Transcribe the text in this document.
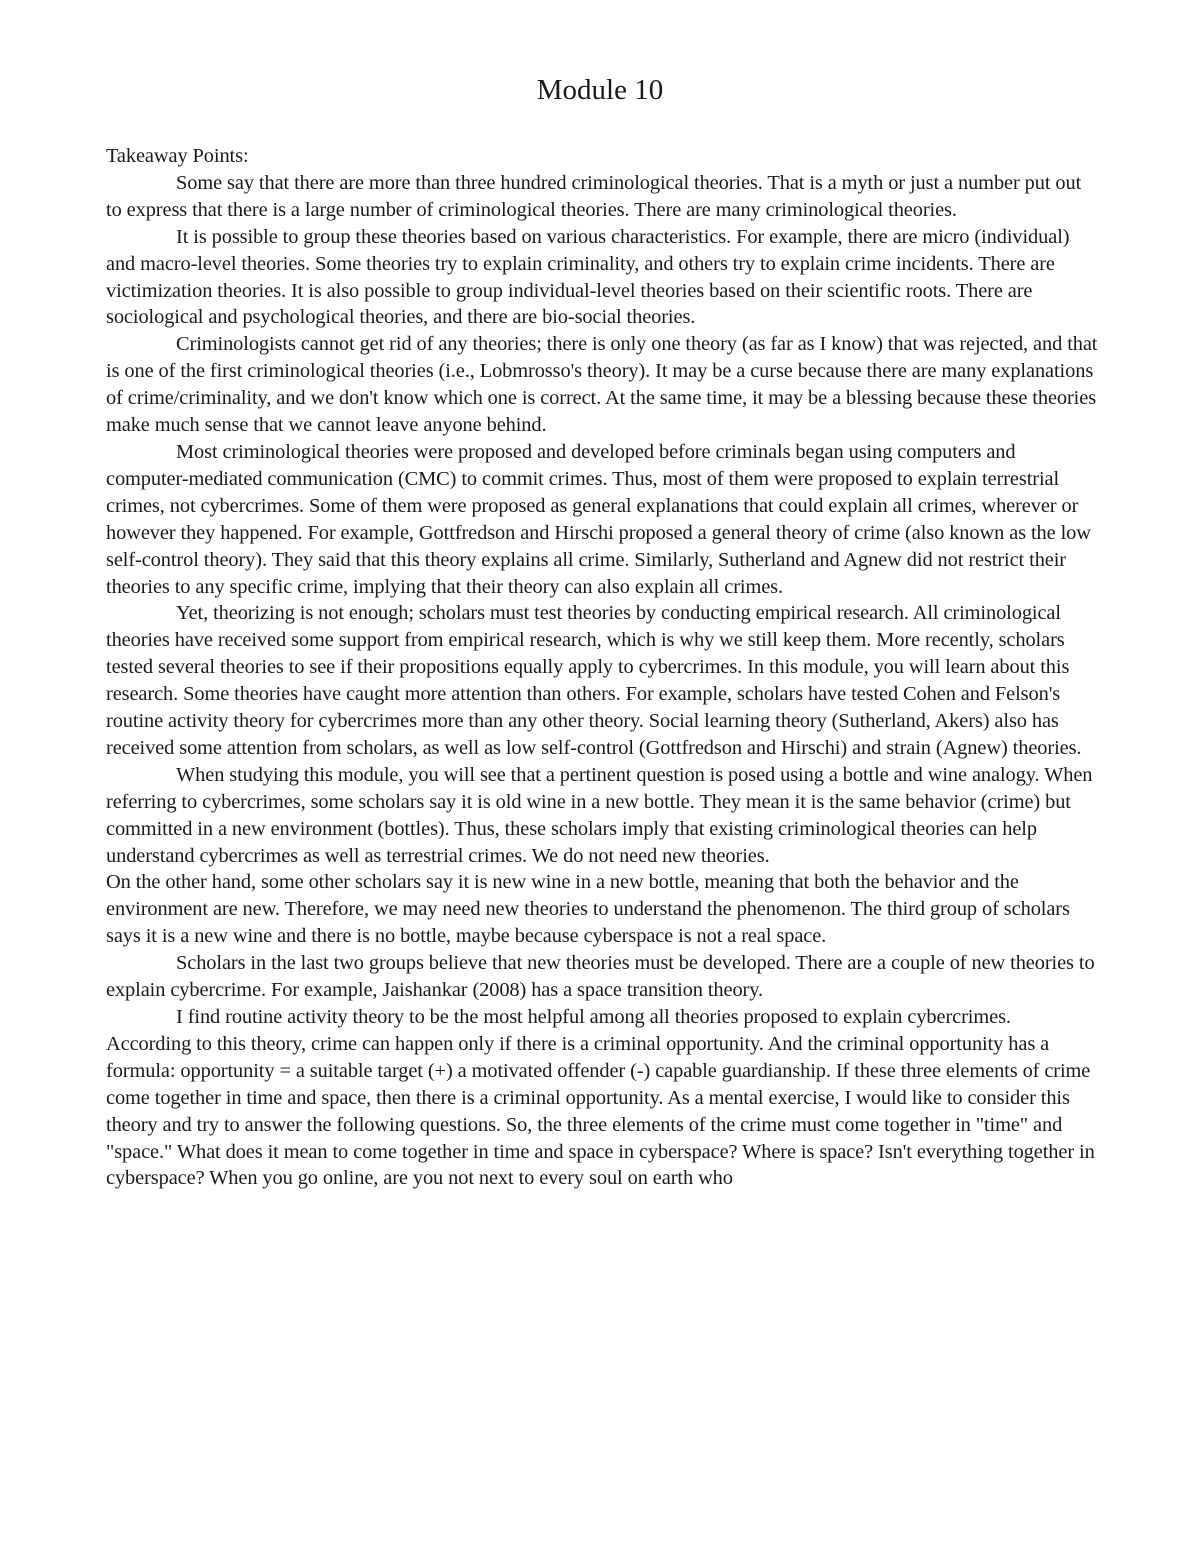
Module 10

Takeaway Points:

Some say that there are more than three hundred criminological theories. That is a myth or just a number put out to express that there is a large number of criminological theories. There are many criminological theories.

It is possible to group these theories based on various characteristics. For example, there are micro (individual) and macro-level theories. Some theories try to explain criminality, and others try to explain crime incidents. There are victimization theories. It is also possible to group individual-level theories based on their scientific roots. There are sociological and psychological theories, and there are bio-social theories.

Criminologists cannot get rid of any theories; there is only one theory (as far as I know) that was rejected, and that is one of the first criminological theories (i.e., Lobmrosso's theory). It may be a curse because there are many explanations of crime/criminality, and we don't know which one is correct. At the same time, it may be a blessing because these theories make much sense that we cannot leave anyone behind.

Most criminological theories were proposed and developed before criminals began using computers and computer-mediated communication (CMC) to commit crimes. Thus, most of them were proposed to explain terrestrial crimes, not cybercrimes. Some of them were proposed as general explanations that could explain all crimes, wherever or however they happened. For example, Gottfredson and Hirschi proposed a general theory of crime (also known as the low self-control theory). They said that this theory explains all crime. Similarly, Sutherland and Agnew did not restrict their theories to any specific crime, implying that their theory can also explain all crimes.

Yet, theorizing is not enough; scholars must test theories by conducting empirical research. All criminological theories have received some support from empirical research, which is why we still keep them. More recently, scholars tested several theories to see if their propositions equally apply to cybercrimes. In this module, you will learn about this research. Some theories have caught more attention than others. For example, scholars have tested Cohen and Felson's routine activity theory for cybercrimes more than any other theory. Social learning theory (Sutherland, Akers) also has received some attention from scholars, as well as low self-control (Gottfredson and Hirschi) and strain (Agnew) theories.

When studying this module, you will see that a pertinent question is posed using a bottle and wine analogy. When referring to cybercrimes, some scholars say it is old wine in a new bottle. They mean it is the same behavior (crime) but committed in a new environment (bottles). Thus, these scholars imply that existing criminological theories can help understand cybercrimes as well as terrestrial crimes. We do not need new theories.

On the other hand, some other scholars say it is new wine in a new bottle, meaning that both the behavior and the environment are new. Therefore, we may need new theories to understand the phenomenon. The third group of scholars says it is a new wine and there is no bottle, maybe because cyberspace is not a real space.

Scholars in the last two groups believe that new theories must be developed. There are a couple of new theories to explain cybercrime. For example, Jaishankar (2008) has a space transition theory.

I find routine activity theory to be the most helpful among all theories proposed to explain cybercrimes. According to this theory, crime can happen only if there is a criminal opportunity. And the criminal opportunity has a formula: opportunity = a suitable target (+) a motivated offender (-) capable guardianship. If these three elements of crime come together in time and space, then there is a criminal opportunity. As a mental exercise, I would like to consider this theory and try to answer the following questions. So, the three elements of the crime must come together in "time" and "space." What does it mean to come together in time and space in cyberspace? Where is space? Isn't everything together in cyberspace? When you go online, are you not next to every soul on earth who
